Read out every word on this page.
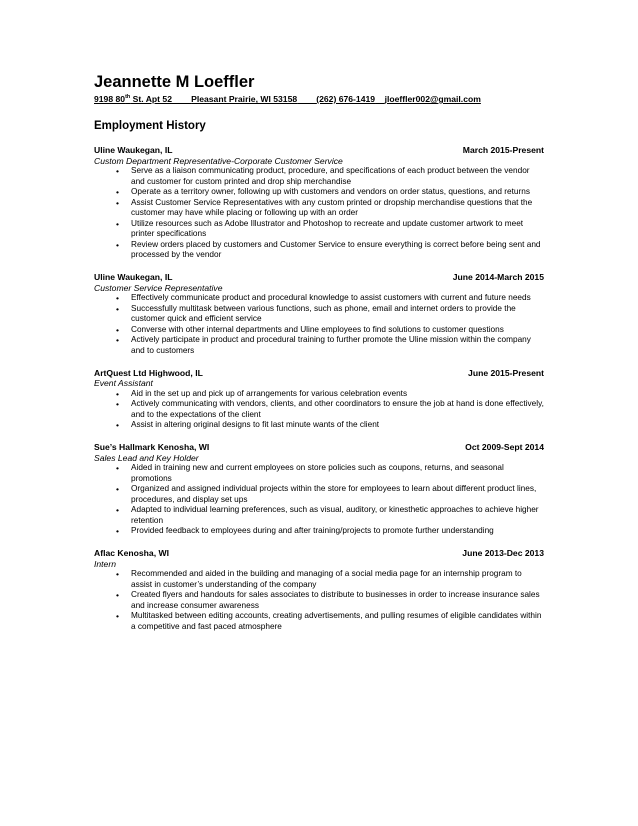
Jeannette M Loeffler
9198 80th St. Apt 52 Pleasant Prairie, WI 53158 (262) 676-1419 jloeffler002@gmail.com
Employment History
Uline Waukegan, IL	March 2015-Present
Custom Department Representative-Corporate Customer Service
• Serve as a liaison communicating product, procedure, and specifications of each product between the vendor and customer for custom printed and drop ship merchandise
• Operate as a territory owner, following up with customers and vendors on order status, questions, and returns
• Assist Customer Service Representatives with any custom printed or dropship merchandise questions that the customer may have while placing or following up with an order
• Utilize resources such as Adobe Illustrator and Photoshop to recreate and update customer artwork to meet printer specifications
• Review orders placed by customers and Customer Service to ensure everything is correct before being sent and processed by the vendor
Uline Waukegan, IL	June 2014-March 2015
Customer Service Representative
• Effectively communicate product and procedural knowledge to assist customers with current and future needs
• Successfully multitask between various functions, such as phone, email and internet orders to provide the customer quick and efficient service
• Converse with other internal departments and Uline employees to find solutions to customer questions
• Actively participate in product and procedural training to further promote the Uline mission within the company and to customers
ArtQuest Ltd Highwood, IL	June 2015-Present
Event Assistant
• Aid in the set up and pick up of arrangements for various celebration events
• Actively communicating with vendors, clients, and other coordinators to ensure the job at hand is done effectively, and to the expectations of the client
• Assist in altering original designs to fit last minute wants of the client
Sue’s Hallmark Kenosha, WI	Oct 2009-Sept 2014
Sales Lead and Key Holder
• Aided in training new and current employees on store policies such as coupons, returns, and seasonal promotions
• Organized and assigned individual projects within the store for employees to learn about different product lines, procedures, and display set ups
• Adapted to individual learning preferences, such as visual, auditory, or kinesthetic approaches to achieve higher retention
• Provided feedback to employees during and after training/projects to promote further understanding
Aflac Kenosha, WI	June 2013-Dec 2013
Intern
• Recommended and aided in the building and managing of a social media page for an internship program to assist in customer’s understanding of the company
• Created flyers and handouts for sales associates to distribute to businesses in order to increase insurance sales and increase consumer awareness
• Multitasked between editing accounts, creating advertisements, and pulling resumes of eligible candidates within a competitive and fast paced atmosphere
